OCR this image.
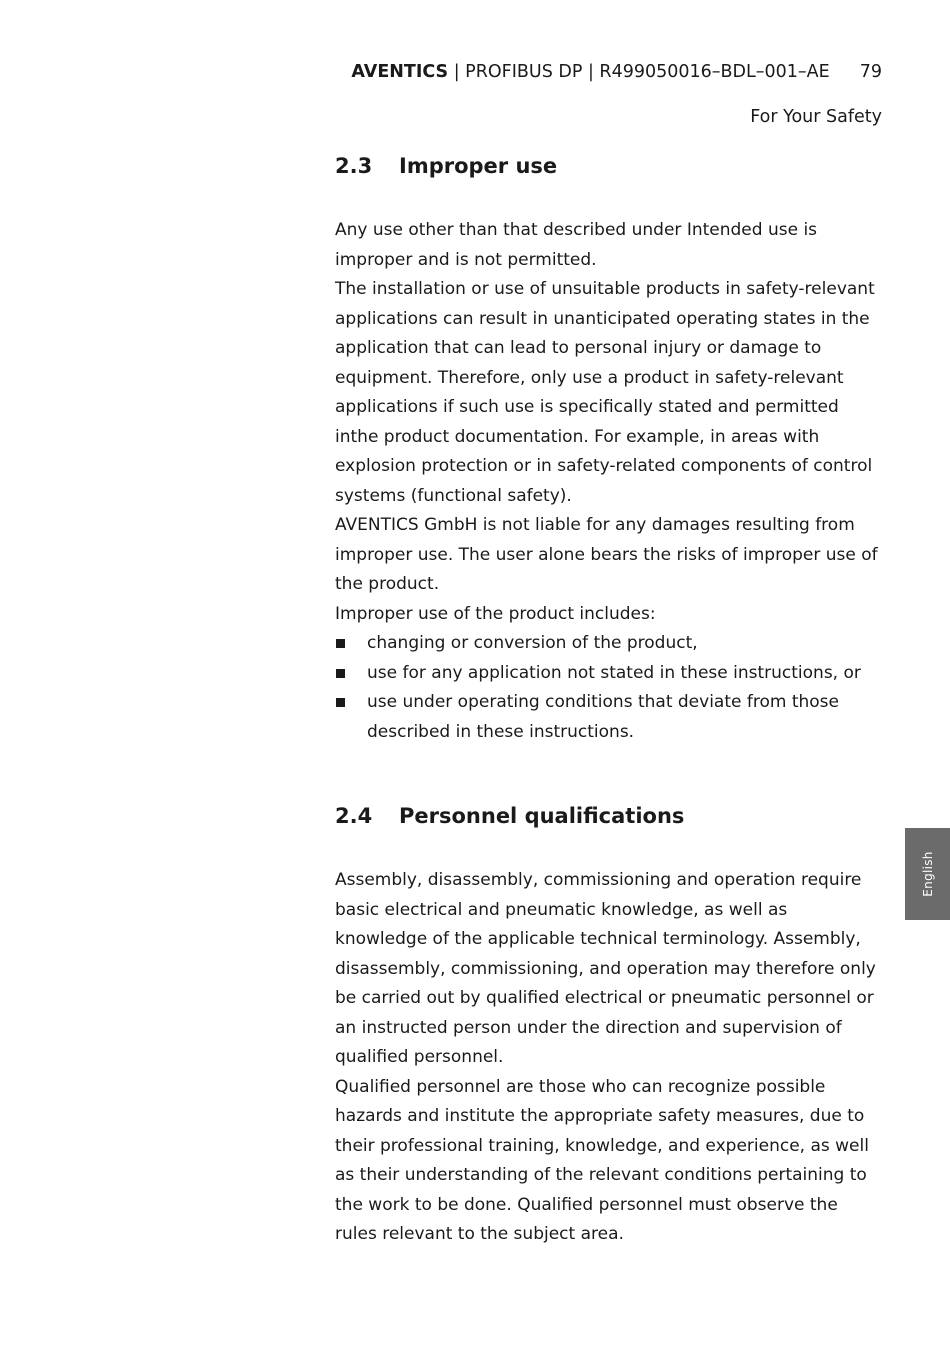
AVENTICS | PROFIBUS DP | R499050016–BDL–001–AE 79
For Your Safety
2.3 Improper use

Any use other than that described under Intended use is improper and is not permitted.

The installation or use of unsuitable products in safety-relevant applications can result in unanticipated operating states in the application that can lead to personal injury or damage to equipment. Therefore, only use a product in safety-relevant applications if such use is specifically stated and permitted inthe product documentation. For example, in areas with explosion protection or in safety-related components of control systems (functional safety).

AVENTICS GmbH is not liable for any damages resulting from improper use. The user alone bears the risks of improper use of the product.

Improper use of the product includes:

changing or conversion of the product,
use for any application not stated in these instructions, or
use under operating conditions that deviate from those described in these instructions.
2.4 Personnel qualifications

Assembly, disassembly, commissioning and operation require basic electrical and pneumatic knowledge, as well as knowledge of the applicable technical terminology. Assembly, disassembly, commissioning, and operation may therefore only be carried out by qualified electrical or pneumatic personnel or an instructed person under the direction and supervision of qualified personnel.

Qualified personnel are those who can recognize possible hazards and institute the appropriate safety measures, due to their professional training, knowledge, and experience, as well as their understanding of the relevant conditions pertaining to the work to be done. Qualified personnel must observe the rules relevant to the subject area.

English
